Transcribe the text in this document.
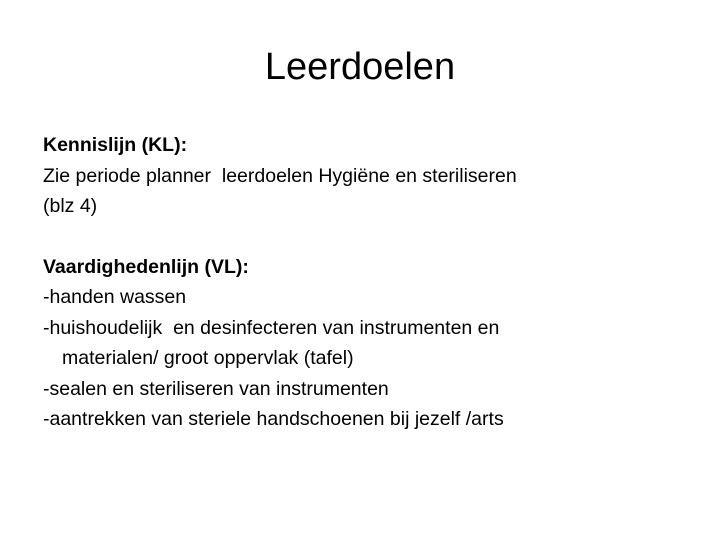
Leerdoelen
Kennislijn (KL):
Zie periode planner  leerdoelen Hygiëne en steriliseren
(blz 4)
Vaardighedenlijn (VL):
-handen wassen
-huishoudelijk  en desinfecteren van instrumenten en
materialen/ groot oppervlak (tafel)
-sealen en steriliseren van instrumenten
-aantrekken van steriele handschoenen bij jezelf /arts
